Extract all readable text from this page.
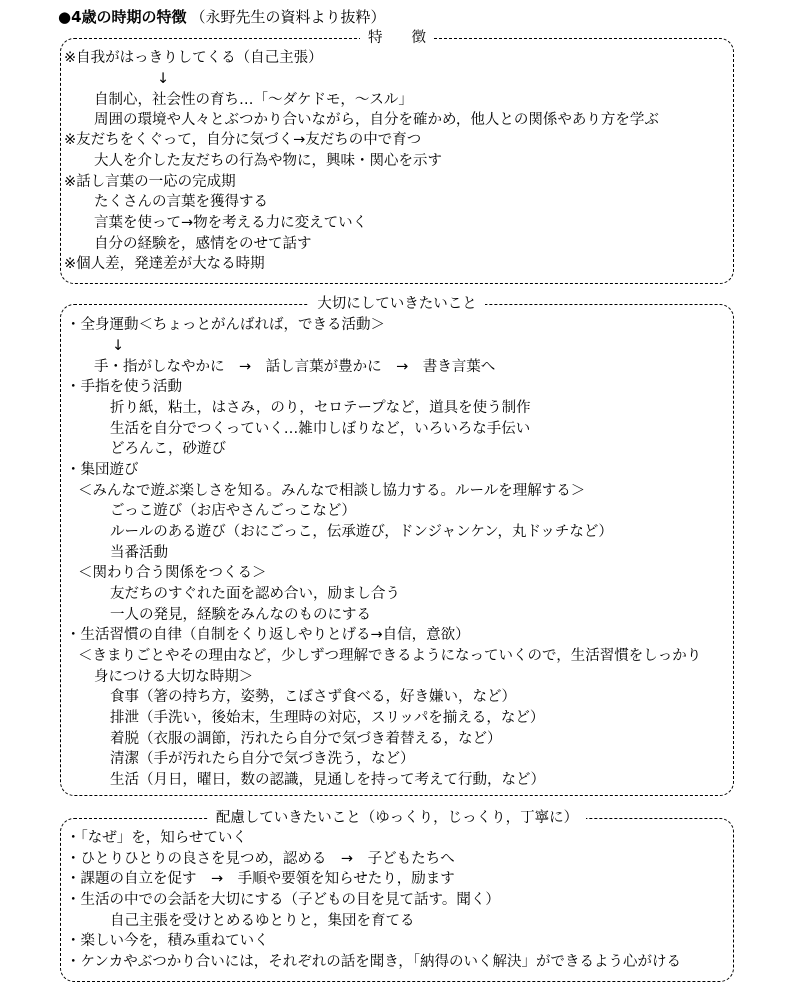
●4歳の時期の特徴 （永野先生の資料より抜粋）
特　　徴
※自我がはっきりしてくる（自己主張）
↓
自制心，社会性の育ち…「～ダケドモ，～スル」
周囲の環境や人々とぶつかり合いながら，自分を確かめ，他人との関係やあり方を学ぶ
※友だちをくぐって，自分に気づく→友だちの中で育つ
大人を介した友だちの行為や物に，興味・関心を示す
※話し言葉の一応の完成期
たくさんの言葉を獲得する
言葉を使って→物を考える力に変えていく
自分の経験を，感情をのせて話す
※個人差，発達差が大なる時期
大切にしていきたいこと
・全身運動＜ちょっとがんばれば，できる活動＞
↓
手・指がしなやかに　→　話し言葉が豊かに　→　書き言葉へ
・手指を使う活動
折り紙，粘土，はさみ，のり，セロテープなど，道具を使う制作
生活を自分でつくっていく…雑巾しぼりなど，いろいろな手伝い
どろんこ，砂遊び
・集団遊び
＜みんなで遊ぶ楽しさを知る。みんなで相談し協力する。ルールを理解する＞
ごっこ遊び（お店やさんごっこなど）
ルールのある遊び（おにごっこ，伝承遊び，ドンジャンケン，丸ドッチなど）
当番活動
＜関わり合う関係をつくる＞
友だちのすぐれた面を認め合い，励まし合う
一人の発見，経験をみんなのものにする
・生活習慣の自律（自制をくり返しやりとげる→自信，意欲）
＜きまりごとやその理由など，少しずつ理解できるようになっていくので，生活習慣をしっかり
身につける大切な時期＞
食事（箸の持ち方，姿勢，こぼさず食べる，好き嫌い，など）
排泄（手洗い，後始末，生理時の対応，スリッパを揃える，など）
着脱（衣服の調節，汚れたら自分で気づき着替える，など）
清潔（手が汚れたら自分で気づき洗う，など）
生活（月日，曜日，数の認識，見通しを持って考えて行動，など）
配慮していきたいこと（ゆっくり，じっくり，丁寧に）
・「なぜ」を，知らせていく
・ひとりひとりの良さを見つめ，認める　→　子どもたちへ
・課題の自立を促す　→　手順や要領を知らせたり，励ます
・生活の中での会話を大切にする（子どもの目を見て話す。聞く）
自己主張を受けとめるゆとりと，集団を育てる
・楽しい今を，積み重ねていく
・ケンカやぶつかり合いには，それぞれの話を聞き，「納得のいく解決」ができるよう心がける
